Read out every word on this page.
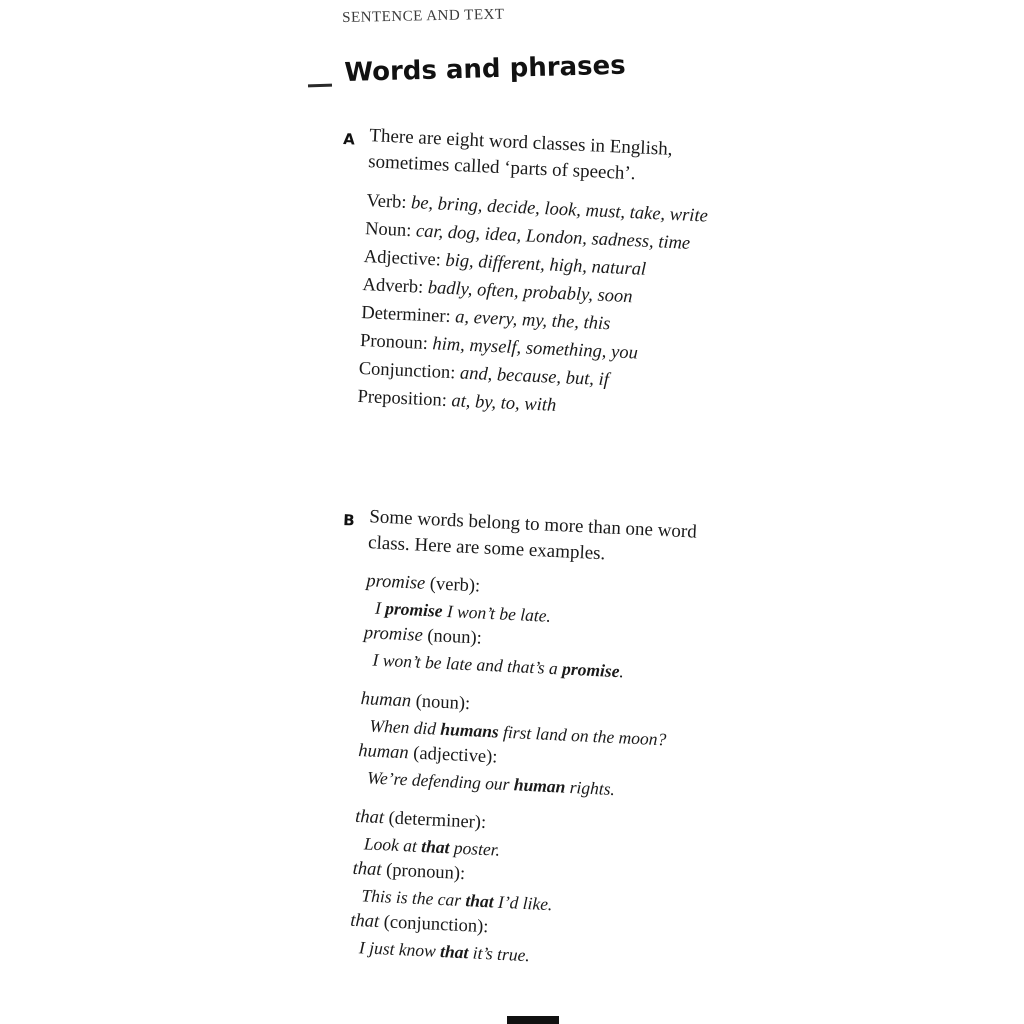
SENTENCE AND TEXT
Words and phrases
A There are eight word classes in English, sometimes called ‘parts of speech’.

Verb: be, bring, decide, look, must, take, write
Noun: car, dog, idea, London, sadness, time
Adjective: big, different, high, natural
Adverb: badly, often, probably, soon
Determiner: a, every, my, the, this
Pronoun: him, myself, something, you
Conjunction: and, because, but, if
Preposition: at, by, to, with
B Some words belong to more than one word class. Here are some examples.

promise (verb):
I promise I won’t be late.
promise (noun):
I won’t be late and that’s a promise.
human (noun):
When did humans first land on the moon?
human (adjective):
We’re defending our human rights.
that (determiner):
Look at that poster.
that (pronoun):
This is the car that I’d like.
that (conjunction):
I just know that it’s true.
